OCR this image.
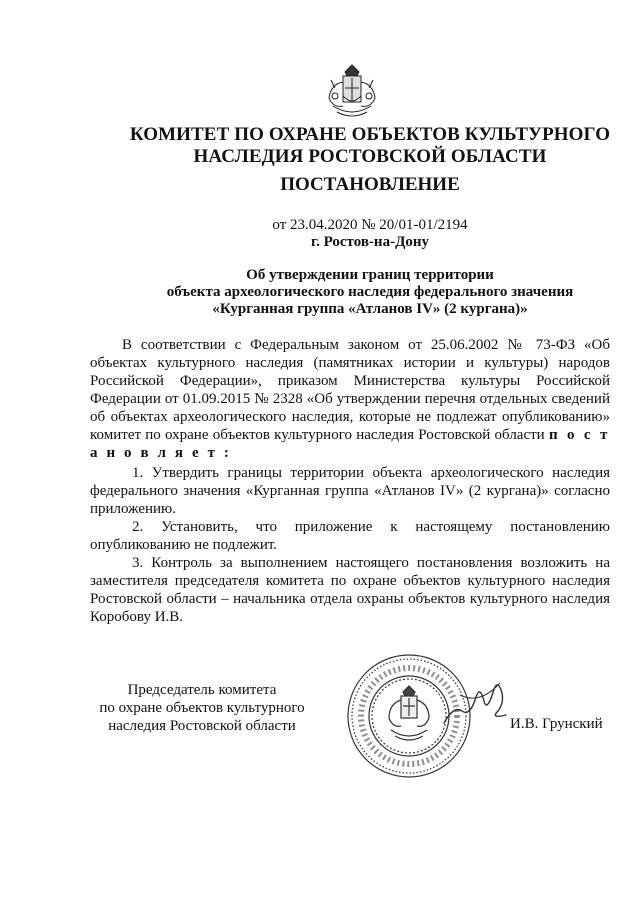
КОМИТЕТ ПО ОХРАНЕ ОБЪЕКТОВ КУЛЬТУРНОГО
НАСЛЕДИЯ РОСТОВСКОЙ ОБЛАСТИ
ПОСТАНОВЛЕНИЕ
от 23.04.2020 № 20/01-01/2194
г. Ростов-на-Дону
Об утверждении границ территории
объекта археологического наследия федерального значения
«Курганная группа «Атланов IV» (2 кургана)»

В соответствии с Федеральным законом от 25.06.2002 № 73-ФЗ «Об объектах культурного наследия (памятниках истории и культуры) народов Российской Федерации», приказом Министерства культуры Российской Федерации от 01.09.2015 № 2328 «Об утверждении перечня отдельных сведений об объектах археологического наследия, которые не подлежат опубликованию» комитет по охране объектов культурного наследия Ростовской области п о с т а н о в л я е т :

1. Утвердить границы территории объекта археологического наследия федерального значения «Курганная группа «Атланов IV» (2 кургана)» согласно приложению.

2. Установить, что приложение к настоящему постановлению опубликованию не подлежит.

3. Контроль за выполнением настоящего постановления возложить на заместителя председателя комитета по охране объектов культурного наследия Ростовской области – начальника отдела охраны объектов культурного наследия Коробову И.В.

Председатель комитета
по охране объектов культурного
наследия Ростовской области	И.В. Грунский
